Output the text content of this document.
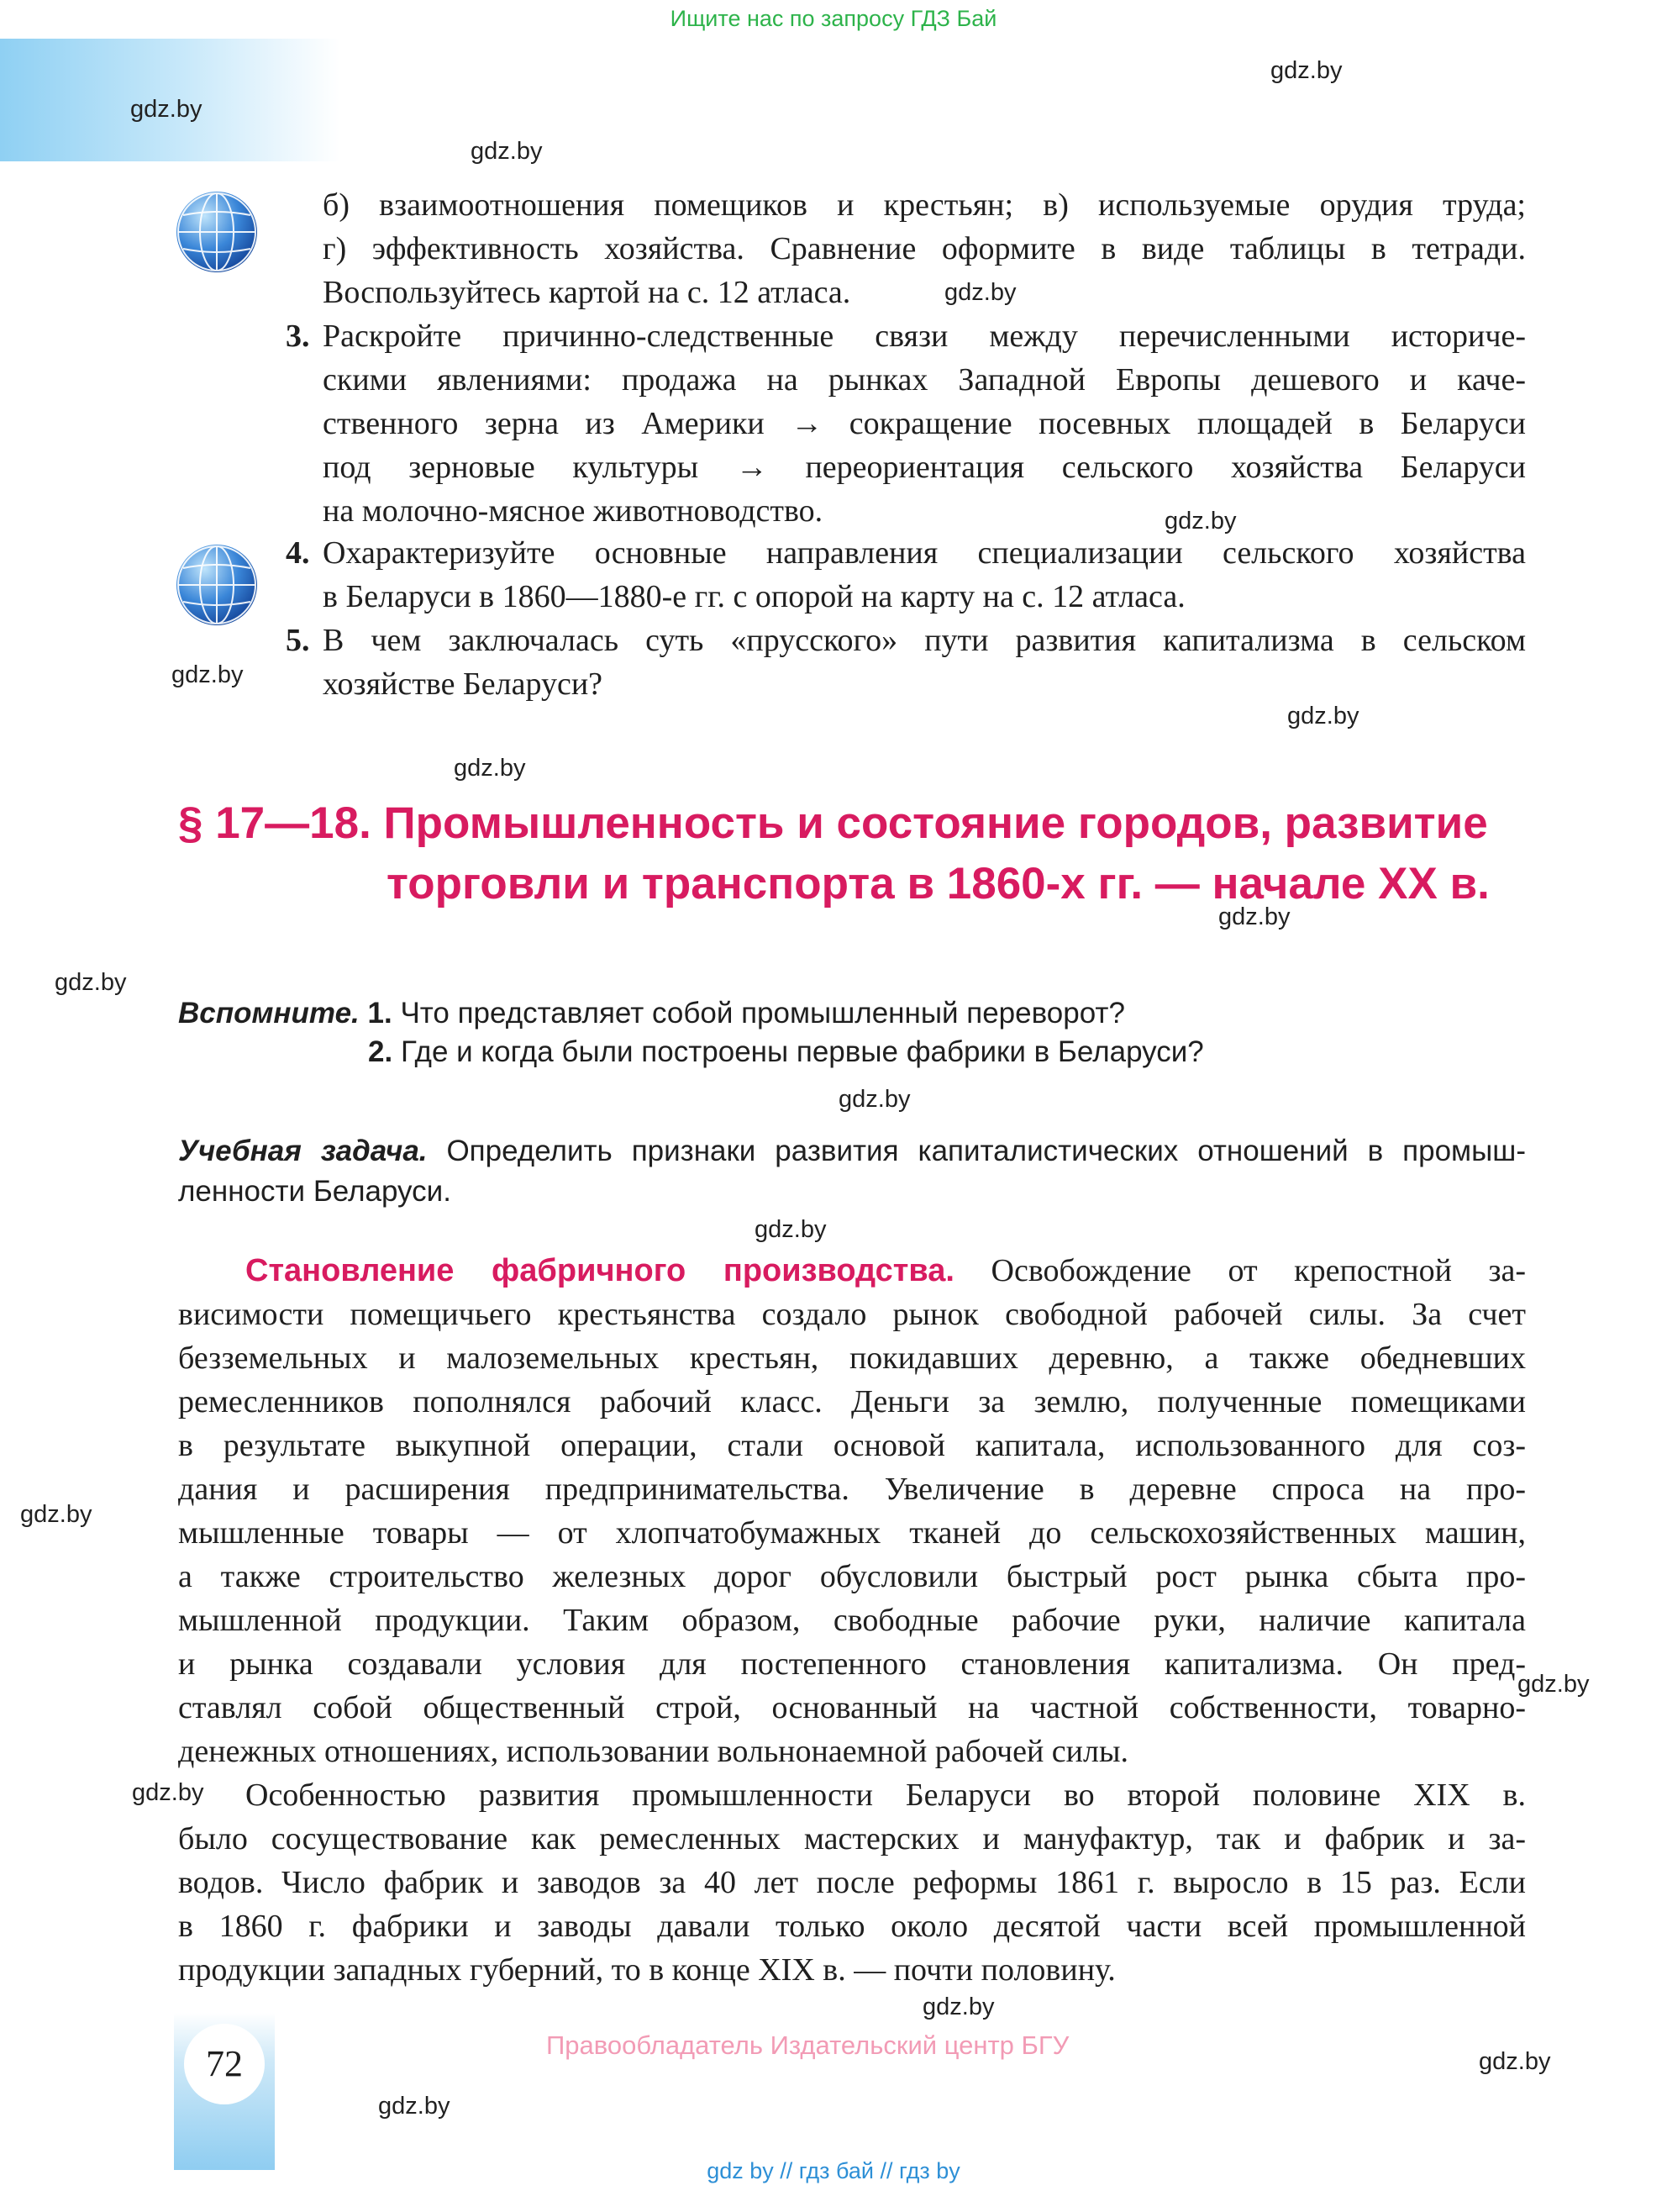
Ищите нас по запросу ГДЗ Бай
gdz.by
gdz.by
gdz.by
gdz.by
gdz.by
gdz.by
gdz.by
gdz.by
gdz.by
gdz.by
gdz.by
gdz.by
gdz.by
gdz.by
gdz.by
gdz.by
gdz.by
gdz.by
б) взаимоотношения помещиков и крестьян; в) используемые орудия труда;
г) эффективность хозяйства. Сравнение оформите в виде таблицы в тетради.
Воспользуйтесь картой на с. 12 атласа.
3. Раскройте причинно-следственные связи между перечисленными историче-
скими явлениями: продажа на рынках Западной Европы дешевого и каче-
ственного зерна из Америки → сокращение посевных площадей в Беларуси
под зерновые культуры → переориентация сельского хозяйства Беларуси
на молочно-мясное животноводство.
4. Охарактеризуйте основные направления специализации сельского хозяйства
в Беларуси в 1860—1880-е гг. с опорой на карту на с. 12 атласа.
5. В чем заключалась суть «прусского» пути развития капитализма в сельском
хозяйстве Беларуси?
§ 17—18. Промышленность и состояние городов, развитие
торговли и транспорта в 1860-х гг. — начале XX в.
Вспомните. 1. Что представляет собой промышленный переворот?
2. Где и когда были построены первые фабрики в Беларуси?
Учебная задача. Определить признаки развития капиталистических отношений в промыш-
ленности Беларуси.
Становление фабричного производства. Освобождение от крепостной за-
висимости помещичьего крестьянства создало рынок свободной рабочей силы. За счет
безземельных и малоземельных крестьян, покидавших деревню, а также обедневших
ремесленников пополнялся рабочий класс. Деньги за землю, полученные помещиками
в результате выкупной операции, стали основой капитала, использованного для соз-
дания и расширения предпринимательства. Увеличение в деревне спроса на про-
мышленные товары — от хлопчатобумажных тканей до сельскохозяйственных машин,
а также строительство железных дорог обусловили быстрый рост рынка сбыта про-
мышленной продукции. Таким образом, свободные рабочие руки, наличие капитала
и рынка создавали условия для постепенного становления капитализма. Он пред-
ставлял собой общественный строй, основанный на частной собственности, товарно-
денежных отношениях, использовании вольнонаемной рабочей силы.
Особенностью развития промышленности Беларуси во второй половине XIX в.
было сосуществование как ремесленных мастерских и мануфактур, так и фабрик и за-
водов. Число фабрик и заводов за 40 лет после реформы 1861 г. выросло в 15 раз. Если
в 1860 г. фабрики и заводы давали только около десятой части всей промышленной
продукции западных губерний, то в конце XIX в. — почти половину.
72	Правообладатель Издательский центр БГУ
gdz by // гдз бай // гдз by
